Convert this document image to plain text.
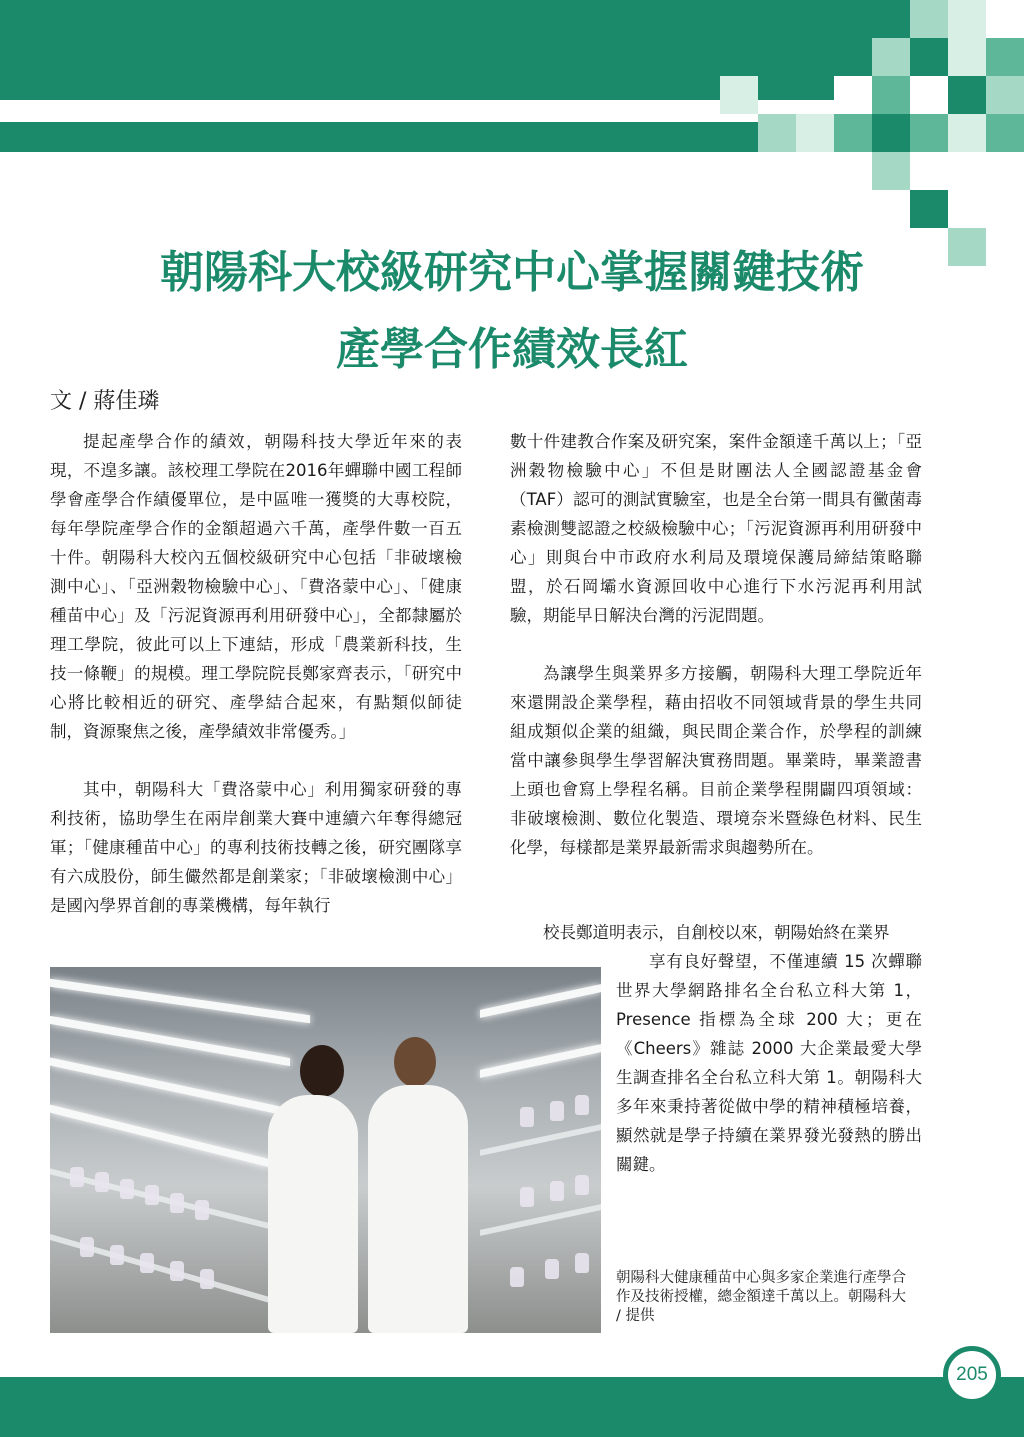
朝陽科大校級研究中心掌握關鍵技術
產學合作績效長紅
文 / 蔣佳璘

提起產學合作的績效，朝陽科技大學近年來的表現，不遑多讓。該校理工學院在2016年蟬聯中國工程師學會產學合作績優單位，是中區唯一獲獎的大專校院，每年學院產學合作的金額超過六千萬，產學件數一百五十件。朝陽科大校內五個校級研究中心包括「非破壞檢測中心」、「亞洲穀物檢驗中心」、「費洛蒙中心」、「健康種苗中心」及「污泥資源再利用研發中心」，全都隸屬於理工學院，彼此可以上下連結，形成「農業新科技，生技一條鞭」的規模。理工學院院長鄭家齊表示，「研究中心將比較相近的研究、產學結合起來，有點類似師徒制，資源聚焦之後，產學績效非常優秀。」

其中，朝陽科大「費洛蒙中心」利用獨家研發的專利技術，協助學生在兩岸創業大賽中連續六年奪得總冠軍；「健康種苗中心」的專利技術技轉之後，研究團隊享有六成股份，師生儼然都是創業家；「非破壞檢測中心」是國內學界首創的專業機構，每年執行

數十件建教合作案及研究案，案件金額達千萬以上；「亞洲穀物檢驗中心」不但是財團法人全國認證基金會（TAF）認可的測試實驗室，也是全台第一間具有黴菌毒素檢測雙認證之校級檢驗中心；「污泥資源再利用研發中心」則與台中市政府水利局及環境保護局締結策略聯盟，於石岡壩水資源回收中心進行下水污泥再利用試驗，期能早日解決台灣的污泥問題。

為讓學生與業界多方接觸，朝陽科大理工學院近年來還開設企業學程，藉由招收不同領域背景的學生共同組成類似企業的組織，與民間企業合作，於學程的訓練當中讓參與學生學習解決實務問題。畢業時，畢業證書上頭也會寫上學程名稱。目前企業學程開闢四項領域：非破壞檢測、數位化製造、環境奈米暨綠色材料、民生化學，每樣都是業界最新需求與趨勢所在。

校長鄭道明表示，自創校以來，朝陽始終在業界

享有良好聲望，不僅連續 15 次蟬聯世界大學網路排名全台私立科大第 1，Presence 指標為全球 200 大；更在《Cheers》雜誌 2000 大企業最愛大學生調查排名全台私立科大第 1。朝陽科大多年來秉持著從做中學的精神積極培養，顯然就是學子持續在業界發光發熱的勝出關鍵。

朝陽科大健康種苗中心與多家企業進行產學合作及技術授權，總金額達千萬以上。朝陽科大 / 提供
205
